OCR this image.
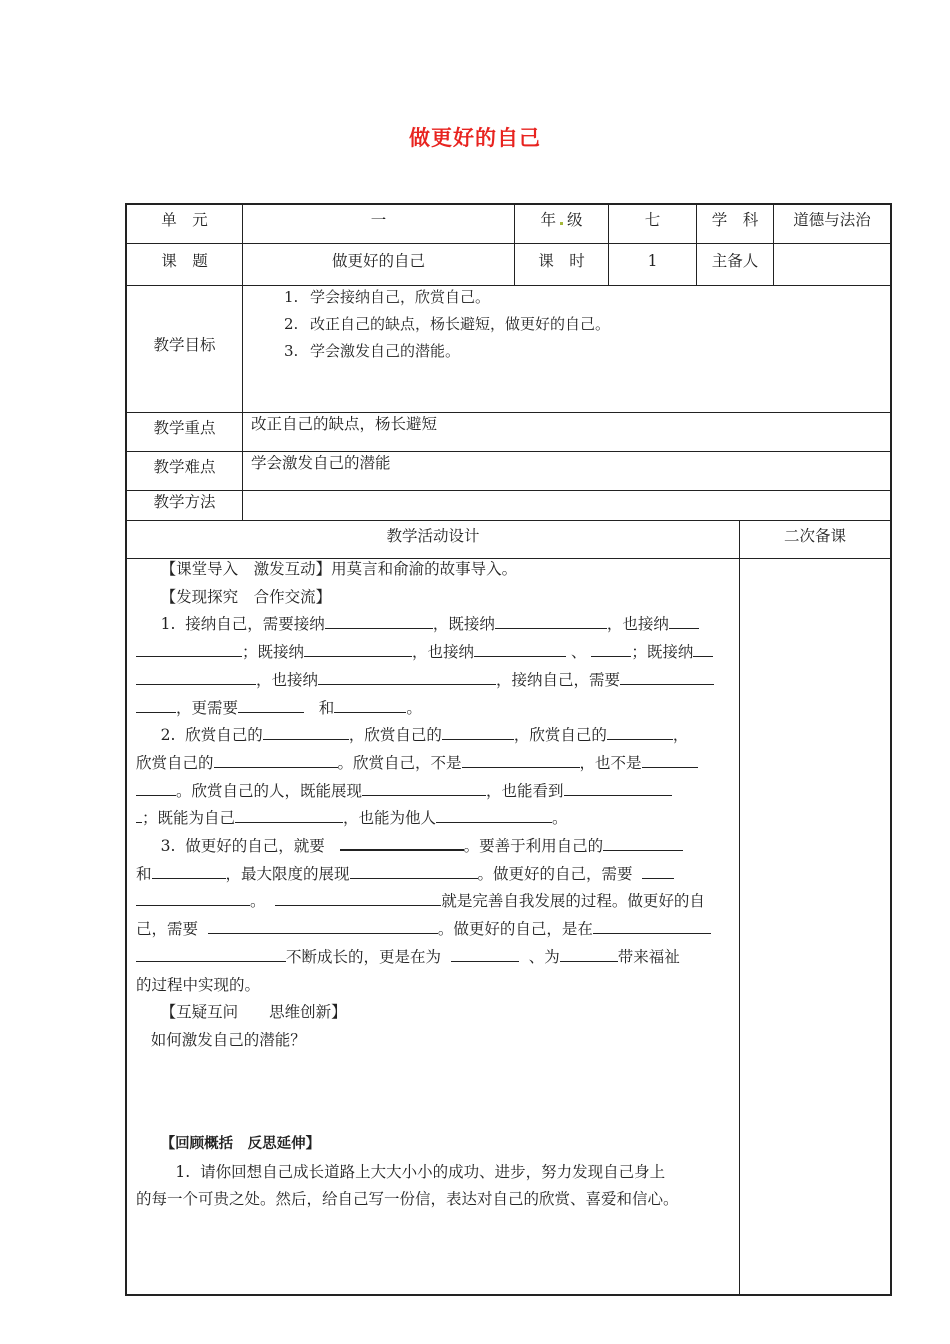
做更好的自己
单　元	一	年 级	七	学　科	道德与法治
课　题	做更好的自己	课　时	1	主备人
教学目标

1. 学会接纳自己，欣赏自己。

2. 改正自己的缺点，杨长避短，做更好的自己。

3. 学会激发自己的潜能。

教学重点	改正自己的缺点，杨长避短
教学难点	学会激发自己的潜能
教学方法
教学活动设计	二次备课

【课堂导入　激发互动】用莫言和俞渝的故事导入。

【发现探究　合作交流】

1. 接纳自己，需要接纳	，既接纳	，也接纳

；既接纳	，也接纳	、	；既接纳

，也接纳	，接纳自己，需要

，更需要	和	。

2. 欣赏自己的	，欣赏自己的	，欣赏自己的	，

欣赏自己的	。欣赏自己，不是	，也不是

。欣赏自己的人，既能展现	，也能看到

；既能为自己	，也能为他人	。

3. 做更好的自己，就要	。要善于利用自己的

和	，最大限度的展现	。做更好的自己，需要

。	就是完善自我发展的过程。做更好的自

己，需要	。做更好的自己，是在

不断成长的，更是在为	、为	带来福祉

的过程中实现的。

【互疑互问　　思维创新】

如何激发自己的潜能？

【回顾概括　反思延伸】

1. 请你回想自己成长道路上大大小小的成功、进步，努力发现自己身上

的每一个可贵之处。然后，给自己写一份信，表达对自己的欣赏、喜爱和信心。
